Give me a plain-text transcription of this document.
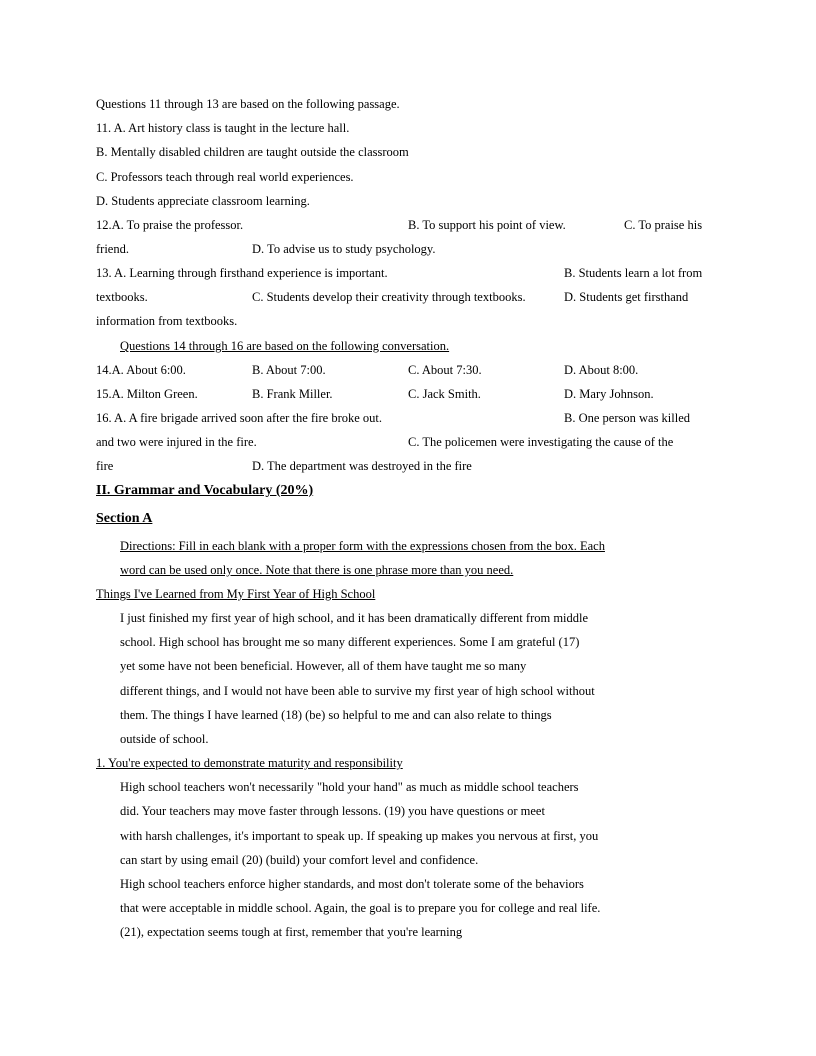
Questions 11 through 13 are based on the following passage.
11. A. Art history class is taught in the lecture hall.
B. Mentally disabled children are taught outside the classroom
C. Professors teach through real world experiences.
D. Students appreciate classroom learning.
12.A. To praise the professor.	B. To support his point of view.	C. To praise his
friend.	D. To advise us to study psychology.
13. A. Learning through firsthand experience is important.	B. Students learn a lot from
textbooks.	C. Students develop their creativity through textbooks.	D. Students get firsthand
information from textbooks.
Questions 14 through 16 are based on the following conversation.
14.A. About 6:00.	B. About 7:00.	C. About 7:30.	D. About 8:00.
15.A. Milton Green.	B. Frank Miller.	C. Jack Smith.	D. Mary Johnson.
16. A. A fire brigade arrived soon after the fire broke out.	B. One person was killed
and two were injured in the fire.	C. The policemen were investigating the cause of the
fire	D. The department was destroyed in the fire
II. Grammar and Vocabulary (20%)
Section A
Directions: Fill in each blank with a proper form with the expressions chosen from the box. Each
word can be used only once. Note that there is one phrase more than you need.
Things I've Learned from My First Year of High School
I just finished my first year of high school, and it has been dramatically different from middle
school. High school has brought me so many different experiences. Some I am grateful (17)
yet some have not been beneficial. However, all of them have taught me so many
different things, and I would not have been able to survive my first year of high school without
them. The things I have learned (18) (be) so helpful to me and can also relate to things
outside of school.
1. You're expected to demonstrate maturity and responsibility
High school teachers won't necessarily "hold your hand" as much as middle school teachers
did. Your teachers may move faster through lessons. (19) you have questions or meet
with harsh challenges, it's important to speak up. If speaking up makes you nervous at first, you
can start by using email (20) (build) your comfort level and confidence.
High school teachers enforce higher standards, and most don't tolerate some of the behaviors
that were acceptable in middle school. Again, the goal is to prepare you for college and real life.
(21), expectation seems tough at first, remember that you're learning
